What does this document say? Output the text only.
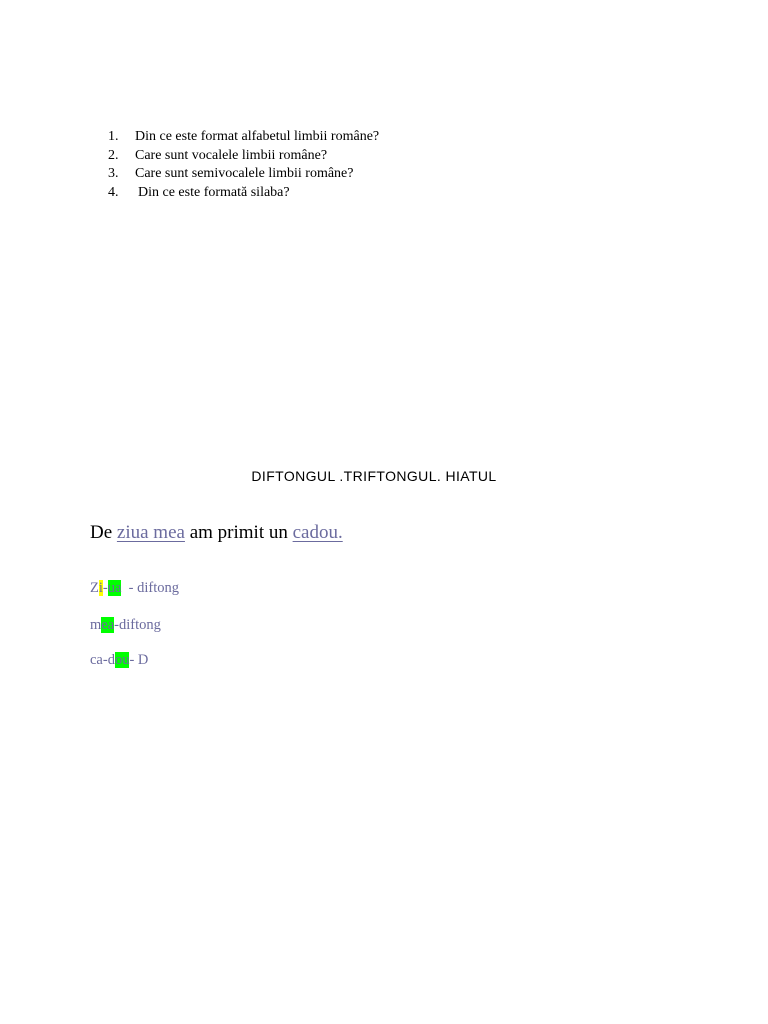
1.	Din ce este format alfabetul limbii române?
2.	Care sunt vocalele limbii române?
3.	Care sunt semivocalele limbii române?
4.	Din ce este formată silaba?
DIFTONGUL .TRIFTONGUL. HIATUL
De ziua mea am primit un cadou.
Zi-ua  - diftong
mea-diftong
ca-dou- D
